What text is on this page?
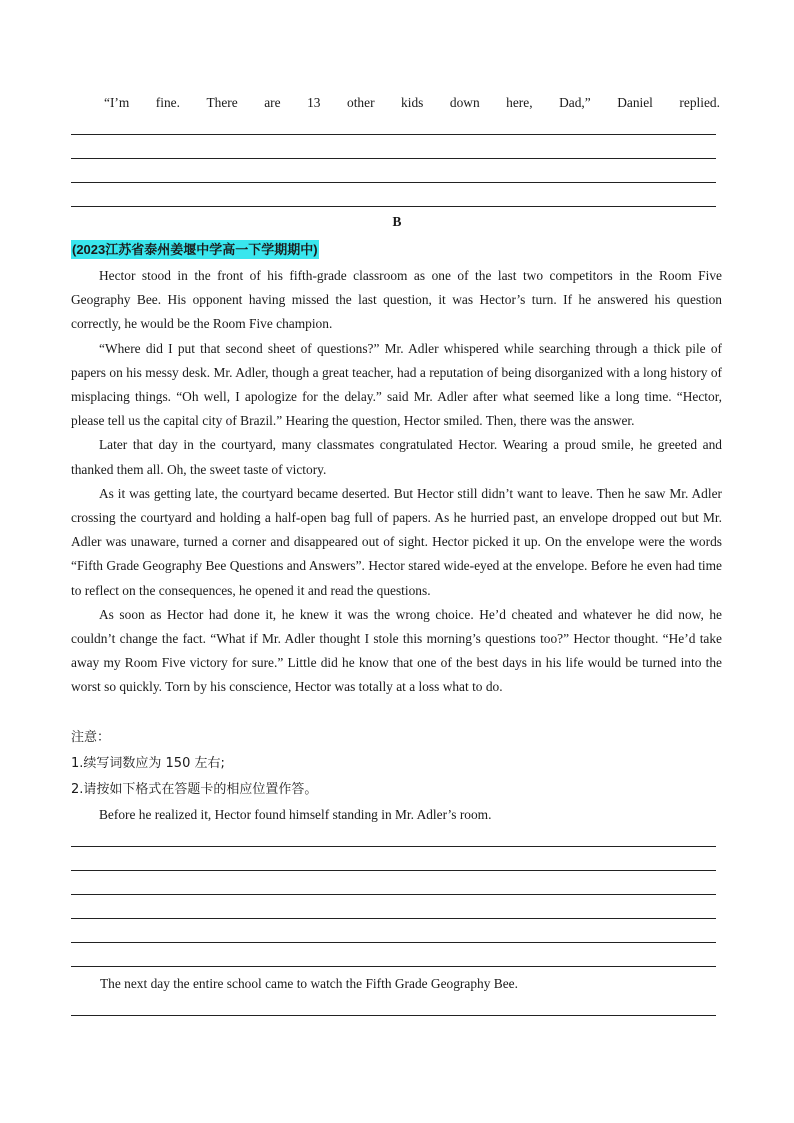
“I’m fine. There are 13 other kids down here, Dad,” Daniel replied.
B
(2023江苏省泰州姜堰中学高一下学期期中)

Hector stood in the front of his fifth-grade classroom as one of the last two competitors in the Room Five Geography Bee. His opponent having missed the last question, it was Hector’s turn. If he answered his question correctly, he would be the Room Five champion.

“Where did I put that second sheet of questions?” Mr. Adler whispered while searching through a thick pile of papers on his messy desk. Mr. Adler, though a great teacher, had a reputation of being disorganized with a long history of misplacing things. “Oh well, I apologize for the delay.” said Mr. Adler after what seemed like a long time. “Hector, please tell us the capital city of Brazil.” Hearing the question, Hector smiled. Then, there was the answer.

Later that day in the courtyard, many classmates congratulated Hector. Wearing a proud smile, he greeted and thanked them all. Oh, the sweet taste of victory.

As it was getting late, the courtyard became deserted. But Hector still didn’t want to leave. Then he saw Mr. Adler crossing the courtyard and holding a half-open bag full of papers. As he hurried past, an envelope dropped out but Mr. Adler was unaware, turned a corner and disappeared out of sight. Hector picked it up. On the envelope were the words “Fifth Grade Geography Bee Questions and Answers”. Hector stared wide-eyed at the envelope. Before he even had time to reflect on the consequences, he opened it and read the questions.

As soon as Hector had done it, he knew it was the wrong choice. He’d cheated and whatever he did now, he couldn’t change the fact. “What if Mr. Adler thought I stole this morning’s questions too?” Hector thought. “He’d take away my Room Five victory for sure.” Little did he know that one of the best days in his life would be turned into the worst so quickly. Torn by his conscience, Hector was totally at a loss what to do.

注意：
1.续写词数应为 150 左右;
2.请按如下格式在答题卡的相应位置作答。
Before he realized it, Hector found himself standing in Mr. Adler’s room.
The next day the entire school came to watch the Fifth Grade Geography Bee.
